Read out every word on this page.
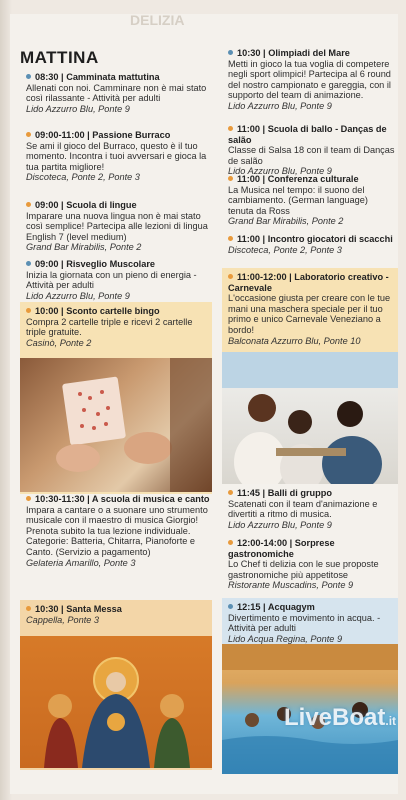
DELIZIA
MATTINA
08:30 | Camminata mattutina
Allenati con noi. Camminare non è mai stato così rilassante - Attività per adulti
Lido Azzurro Blu, Ponte 9
09:00-11:00 | Passione Burraco
Se ami il gioco del Burraco, questo è il tuo momento. Incontra i tuoi avversari e gioca la tua partita migliore!
Discoteca, Ponte 2, Ponte 3
09:00 | Scuola di lingue
Imparare una nuova lingua non è mai stato così semplice! Partecipa alle lezioni di lingua English 7 (level medium)
Grand Bar Mirabilis, Ponte 2
09:00 | Risveglio Muscolare
Inizia la giornata con un pieno di energia - Attività per adulti
Lido Azzurro Blu, Ponte 9
10:00 | Sconto cartelle bingo
Compra 2 cartelle triple e ricevi 2 cartelle triple gratuite.
Casinò, Ponte 2
10:30-11:30 | A scuola di musica e canto
Impara a cantare o a suonare uno strumento musicale con il maestro di musica Giorgio! Prenota subito la tua lezione individuale. Categorie: Batteria, Chitarra, Pianoforte e Canto. (Servizio a pagamento)
Gelateria Amarillo, Ponte 3
10:30 | Santa Messa
Cappella, Ponte 3
10:30 | Olimpiadi del Mare
Metti in gioco la tua voglia di competere negli sport olimpici! Partecipa al 6 round del nostro campionato e gareggia, con il supporto del team di animazione.
Lido Azzurro Blu, Ponte 9
11:00 | Scuola di ballo - Danças de salão
Classe di Salsa 18 con il team di Danças de salão
Lido Azzurro Blu, Ponte 9
11:00 | Conferenza culturale
La Musica nel tempo: il suono del cambiamento. (German language) tenuta da Ross
Grand Bar Mirabilis, Ponte 2
11:00 | Incontro giocatori di scacchi
Discoteca, Ponte 2, Ponte 3
11:00-12:00 | Laboratorio creativo - Carnevale
L'occasione giusta per creare con le tue mani una maschera speciale per il tuo primo e unico Carnevale Veneziano a bordo!
Balconata Azzurro Blu, Ponte 10
11:45 | Balli di gruppo
Scatenati con il team d'animazione e divertiti a ritmo di musica.
Lido Azzurro Blu, Ponte 9
12:00-14:00 | Sorprese gastronomiche
Lo Chef ti delizia con le sue proposte gastronomiche più appetitose
Ristorante Muscadins, Ponte 9
12:15 | Acquagym
Divertimento e movimento in acqua. - Attività per adulti
Lido Acqua Regina, Ponte 9
LiveBoat.it
